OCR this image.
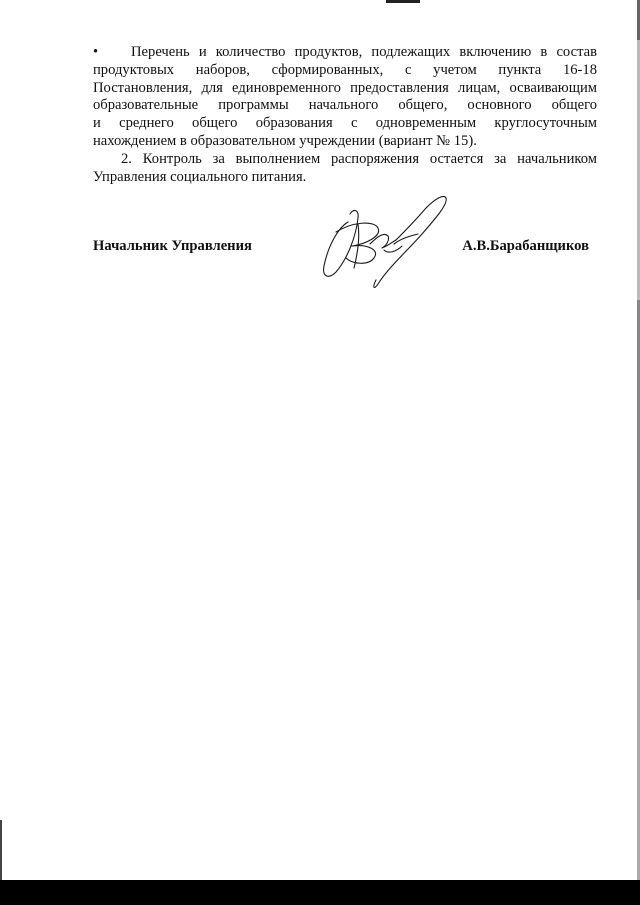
• Перечень и количество продуктов, подлежащих включению в состав
продуктовых наборов, сформированных, с учетом пункта 16-18
Постановления, для единовременного предоставления лицам, осваивающим
образовательные программы начального общего, основного общего
и среднего общего образования с одновременным круглосуточным
нахождением в образовательном учреждении (вариант № 15).
2. Контроль за выполнением распоряжения остается за начальником
Управления социального питания.
Начальник Управления	А.В.Барабанщиков
